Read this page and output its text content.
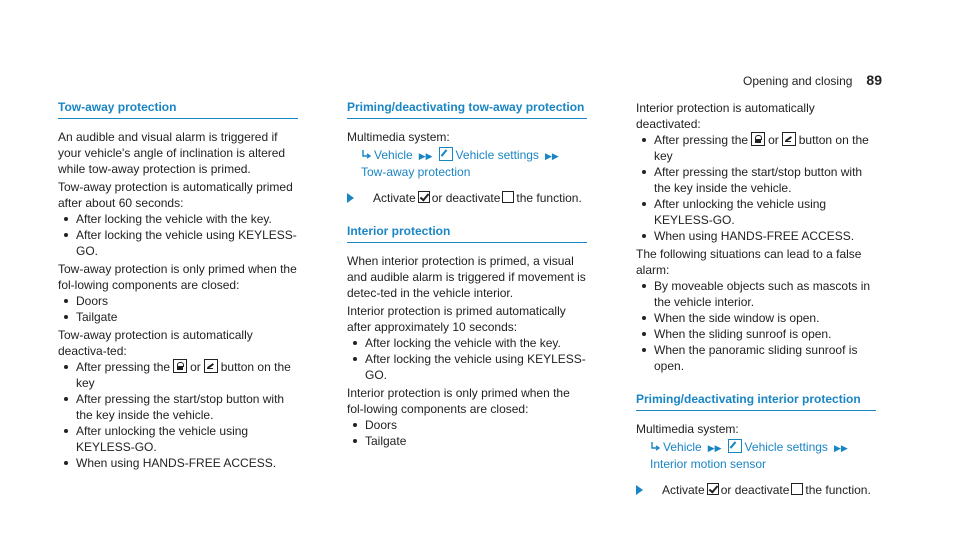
Opening and closing 89
Tow-away protection

An audible and visual alarm is triggered if your vehicle's angle of inclination is altered while tow-away protection is primed.

Tow-away protection is automatically primed after about 60 seconds:

After locking the vehicle with the key.
After locking the vehicle using KEYLESS-GO.

Tow-away protection is only primed when the fol-lowing components are closed:

Doors
Tailgate

Tow-away protection is automatically deactiva-ted:

After pressing the or button on the key
After pressing the start/stop button with the key inside the vehicle.
After unlocking the vehicle using KEYLESS-GO.
When using HANDS-FREE ACCESS.
Priming/deactivating tow-away protection

Multimedia system:

Vehicle ▶▶ Vehicle settings ▶▶Tow-away protection
Activate or deactivate the function.
Interior protection

When interior protection is primed, a visual and audible alarm is triggered if movement is detec-ted in the vehicle interior.

Interior protection is primed automatically after approximately 10 seconds:

After locking the vehicle with the key.
After locking the vehicle using KEYLESS-GO.

Interior protection is only primed when the fol-lowing components are closed:

Doors
Tailgate

Interior protection is automatically deactivated:

After pressing the or button on the key
After pressing the start/stop button with the key inside the vehicle.
After unlocking the vehicle using KEYLESS-GO.
When using HANDS-FREE ACCESS.

The following situations can lead to a false alarm:

By moveable objects such as mascots in the vehicle interior.
When the side window is open.
When the sliding sunroof is open.
When the panoramic sliding sunroof is open.
Priming/deactivating interior protection

Multimedia system:

Vehicle ▶▶ Vehicle settings ▶▶Interior motion sensor
Activate or deactivate the function.
